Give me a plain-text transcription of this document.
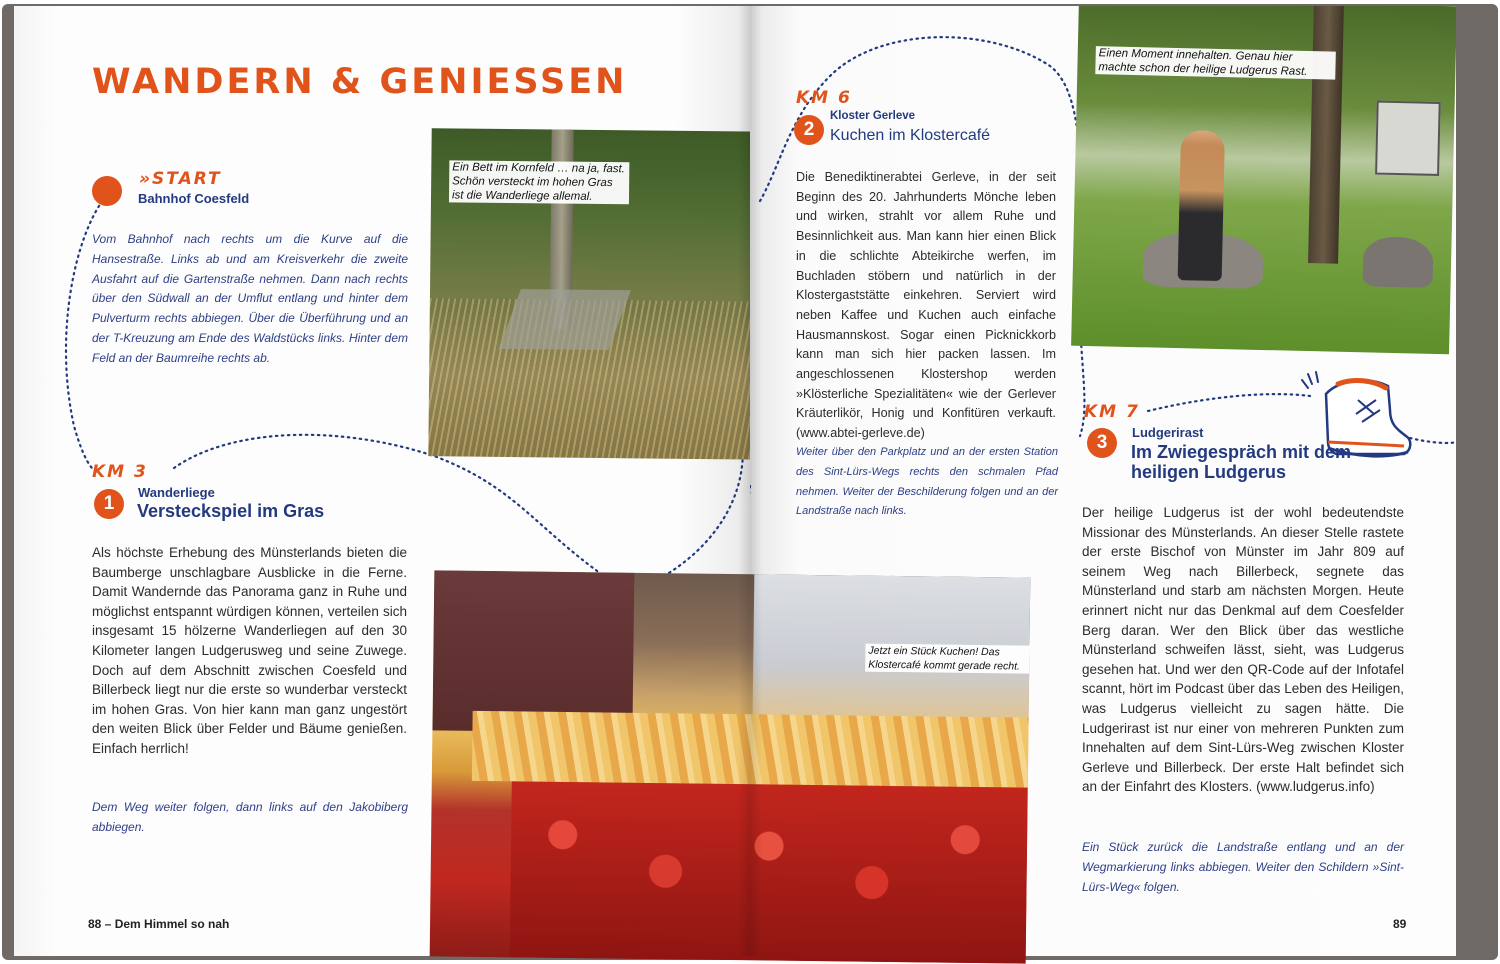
WANDERN & GENIESSEN
»START
Bahnhof Coesfeld
Vom Bahnhof nach rechts um die Kurve auf die Hansestraße. Links ab und am Kreisverkehr die zweite Ausfahrt auf die Gartenstraße nehmen. Dann nach rechts über den Südwall an der Umflut entlang und hinter dem Pulverturm rechts abbiegen. Über die Überführung und an der T-Kreuzung am Ende des Waldstücks links. Hinter dem Feld an der Baumreihe rechts ab.
Ein Bett im Kornfeld … na ja, fast. Schön versteckt im hohen Gras ist die Wanderliege allemal.
KM 3
1
Wanderliege
Versteckspiel im Gras
Als höchste Erhebung des Münsterlands bieten die Baumberge unschlagbare Ausblicke in die Ferne. Damit Wandernde das Panorama ganz in Ruhe und möglichst entspannt würdigen können, verteilen sich insgesamt 15 hölzerne Wanderliegen auf den 30 Kilometer langen Ludgerusweg und seine Zuwege. Doch auf dem Abschnitt zwischen Coesfeld und Billerbeck liegt nur die erste so wunderbar versteckt im hohen Gras. Von hier kann man ganz ungestört den weiten Blick über Felder und Bäume genießen. Einfach herrlich!
Dem Weg weiter folgen, dann links auf den Jakobiberg abbiegen.
88 – Dem Himmel so nah
KM 6
2
Kloster Gerleve
Kuchen im Klostercafé
Die Benediktinerabtei Gerleve, in der seit Beginn des 20. Jahrhunderts Mönche leben und wirken, strahlt vor allem Ruhe und Besinnlichkeit aus. Man kann hier einen Blick in die schlichte Abteikirche werfen, im Buchladen stöbern und natürlich in der Klostergaststätte einkehren. Serviert wird neben Kaffee und Kuchen auch einfache Hausmannskost. Sogar einen Picknickkorb kann man sich hier packen lassen. Im angeschlossenen Klostershop werden »Klösterliche Spezialitäten« wie der Gerlever Kräuterlikör, Honig und Konfitüren verkauft. (www.abtei-gerleve.de)
Weiter über den Parkplatz und an der ersten Station des Sint-Lürs-Wegs rechts den schmalen Pfad nehmen. Weiter der Beschilderung folgen und an der Landstraße nach links.
Einen Moment innehalten. Genau hier machte schon der heilige Ludgerus Rast.
KM 7
3	Ludgerirast
Im Zwiegespräch mit dem heiligen Ludgerus
Der heilige Ludgerus ist der wohl bedeutendste Missionar des Münsterlands. An dieser Stelle rastete der erste Bischof von Münster im Jahr 809 auf seinem Weg nach Billerbeck, segnete das Münsterland und starb am nächsten Morgen. Heute erinnert nicht nur das Denkmal auf dem Coesfelder Berg daran. Wer den Blick über das westliche Münsterland schweifen lässt, sieht, was Ludgerus gesehen hat. Und wer den QR-Code auf der Infotafel scannt, hört im Podcast über das Leben des Heiligen, was Ludgerus vielleicht zu sagen hätte. Die Ludgerirast ist nur einer von mehreren Punkten zum Innehalten auf dem Sint-Lürs-Weg zwischen Kloster Gerleve und Billerbeck. Der erste Halt befindet sich an der Einfahrt des Klosters. (www.ludgerus.info)
Ein Stück zurück die Landstraße entlang und an der Wegmarkierung links abbiegen. Weiter den Schildern »Sint-Lürs-Weg« folgen.
89
Jetzt ein Stück Kuchen! Das Klostercafé kommt gerade recht.
